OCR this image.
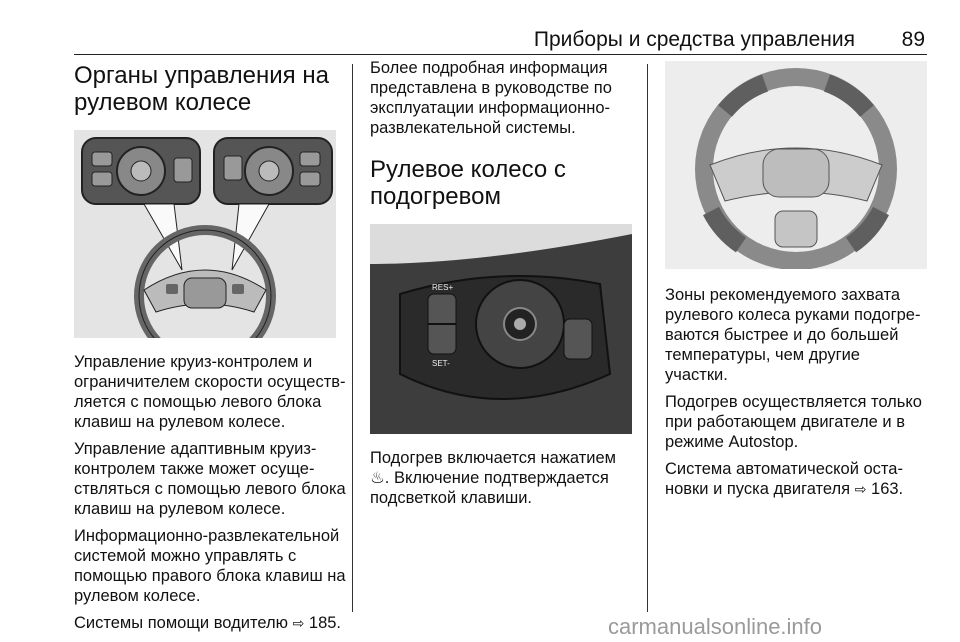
Приборы и средства управления 89
Органы управления на
рулевом колесе

Управление круиз-контролем и ограничителем скорости осуществляется с помощью левого блока клавиш на рулевом колесе.

Управление адаптивным круиз-контролем также может осуществляться с помощью левого блока клавиш на рулевом колесе.

Информационно-развлекательной системой можно управлять с помощью правого блока клавиш на рулевом колесе.

Системы помощи водителю ⇨ 185.

Более подробная информация представлена в руководстве по эксплуатации информационно-развлекательной системы.

Рулевое колесо с
подогревом
RES+
SET-

Подогрев включается нажатием ♨. Включение подтверждается подсветкой клавиши.

Зоны рекомендуемого захвата рулевого колеса руками подогреваются быстрее и до большей температуры, чем другие участки.

Подогрев осуществляется только при работающем двигателе и в режиме Autostop.

Система автоматической остановки и пуска двигателя ⇨ 163.

carmanualsonline.info
